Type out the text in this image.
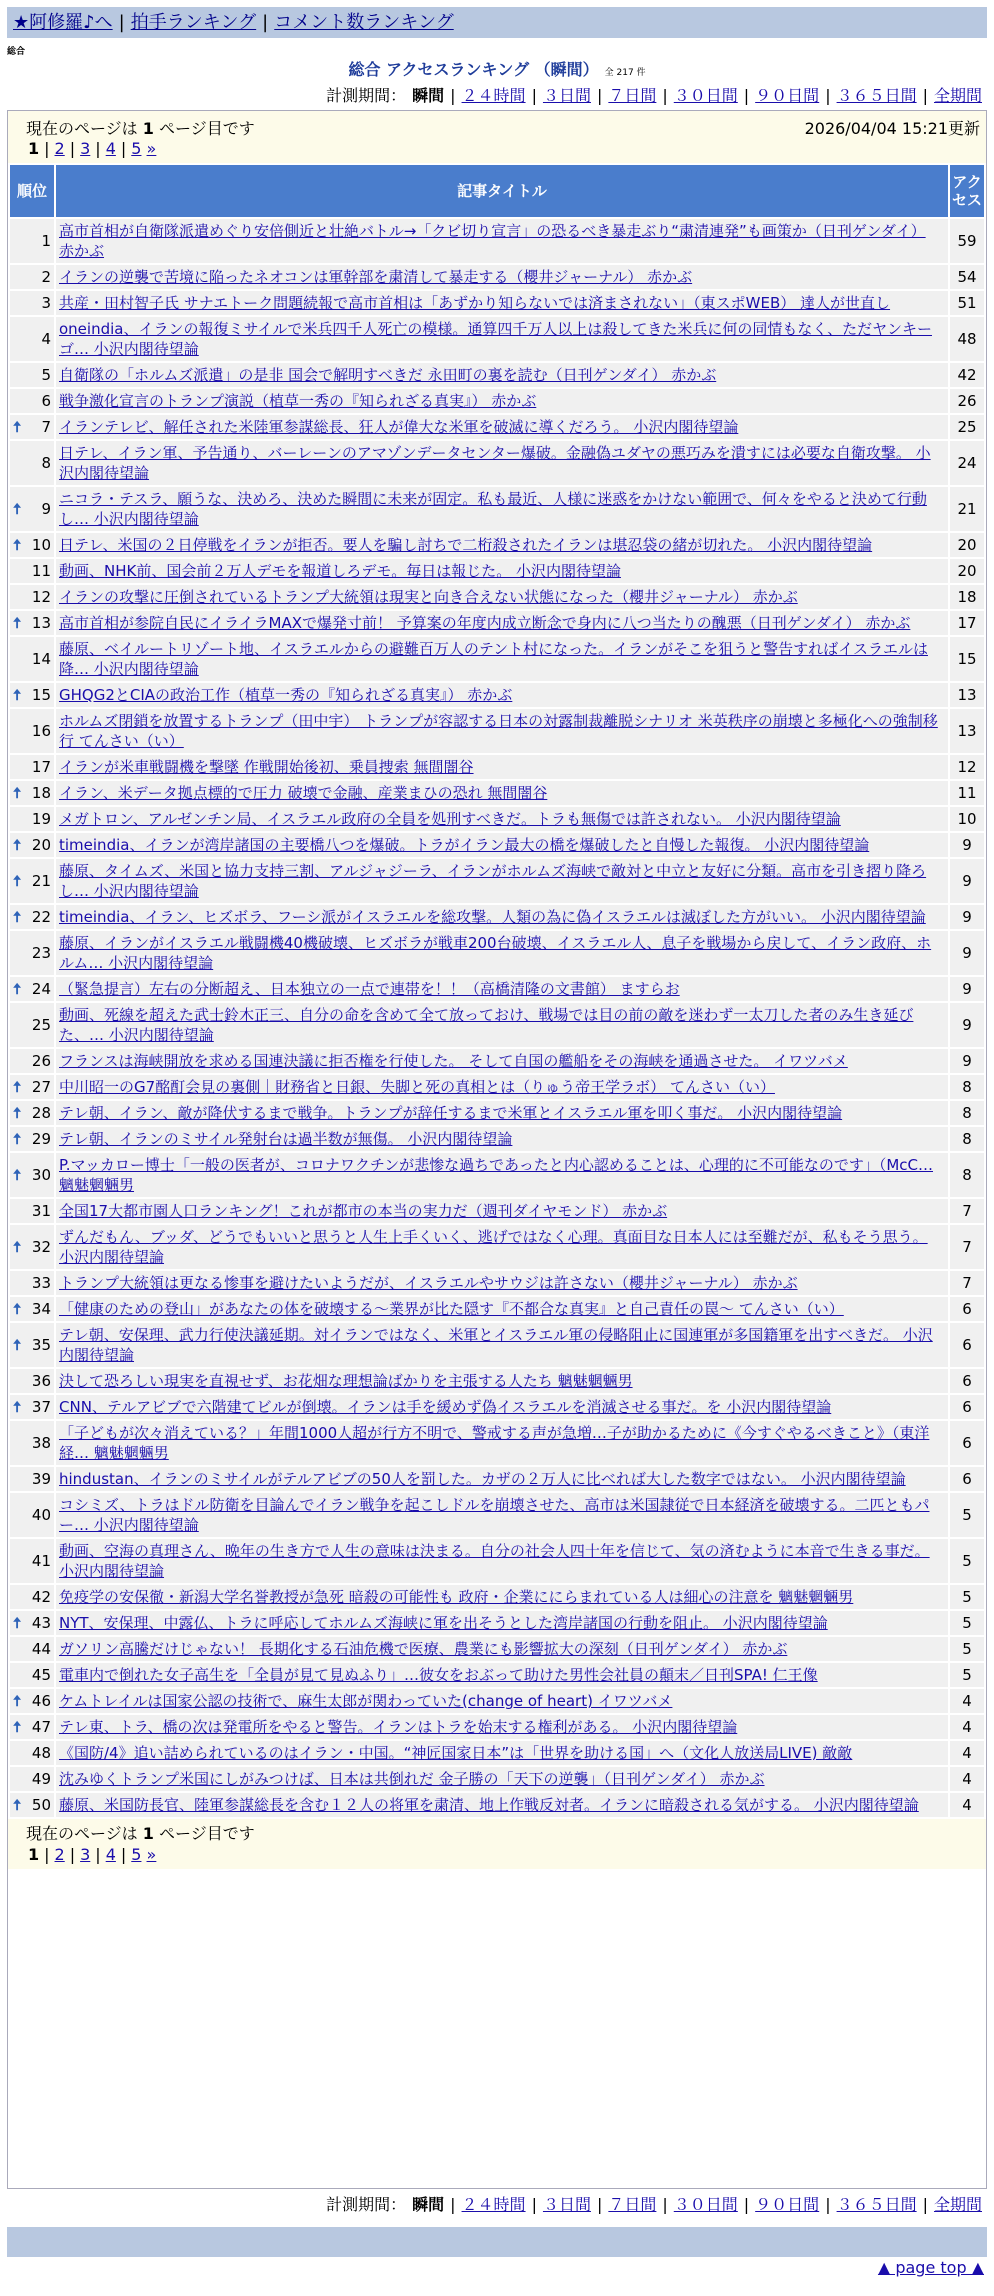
★阿修羅♪へ | 拍手ランキング | コメント数ランキング
総合
総合 アクセスランキング （瞬間） 全 217 件
計測期間： 瞬間 | ２４時間 | ３日間 | ７日間 | ３０日間 | ９０日間 | ３６５日間 | 全期間
現在のページは 1 ページ目です	2026/04/04 15:21更新
1 | 2 | 3 | 4 | 5 »
順位	記事タイトル	アクセス
1	高市首相が自衛隊派遣めぐり安倍側近と壮絶バトル→「クビ切り宣言」の恐るべき暴走ぶり“粛清連発”も画策か（日刊ゲンダイ） 赤かぶ	59
2	イランの逆襲で苦境に陥ったネオコンは軍幹部を粛清して暴走する（櫻井ジャーナル） 赤かぶ	54
3	共産・田村智子氏 サナエトーク問題続報で高市首相は「あずかり知らないでは済まされない」（東スポWEB） 達人が世直し	51
4	oneindia、イランの報復ミサイルで米兵四千人死亡の模様。通算四千万人以上は殺してきた米兵に何の同情もなく、ただヤンキーゴ… 小沢内閣待望論	48
5	自衛隊の「ホルムズ派遣」の是非 国会で解明すべきだ 永田町の裏を読む（日刊ゲンダイ） 赤かぶ	42
6	戦争激化宣言のトランプ演説（植草一秀の『知られざる真実』） 赤かぶ	26

🠅 7	イランテレビ、解任された米陸軍参謀総長、狂人が偉大な米軍を破滅に導くだろう。 小沢内閣待望論	25
8	日テレ、イラン軍、予告通り、バーレーンのアマゾンデータセンター爆破。金融偽ユダヤの悪巧みを潰すには必要な自衛攻撃。 小沢内閣待望論	24

🠅 9	ニコラ・テスラ、願うな、決めろ、決めた瞬間に未来が固定。私も最近、人様に迷惑をかけない範囲で、何々をやると決めて行動し… 小沢内閣待望論	21

🠅 10	日テレ、米国の２日停戦をイランが拒否。要人を騙し討ちで二桁殺されたイランは堪忍袋の緒が切れた。 小沢内閣待望論	20
11	動画、NHK前、国会前２万人デモを報道しろデモ。毎日は報じた。 小沢内閣待望論	20
12	イランの攻撃に圧倒されているトランプ大統領は現実と向き合えない状態になった（櫻井ジャーナル） 赤かぶ	18

🠅 13	高市首相が参院自民にイライラMAXで爆発寸前！ 予算案の年度内成立断念で身内に八つ当たりの醜悪（日刊ゲンダイ） 赤かぶ	17
14	藤原、ベイルートリゾート地、イスラエルからの避難百万人のテント村になった。イランがそこを狙うと警告すればイスラエルは降… 小沢内閣待望論	15

🠅 15	GHQG2とCIAの政治工作（植草一秀の『知られざる真実』） 赤かぶ	13
16	ホルムズ閉鎖を放置するトランプ（田中宇） トランプが容認する日本の対露制裁離脱シナリオ 米英秩序の崩壊と多極化への強制移行 てんさい（い）	13
17	イランが米車戦闘機を撃墜 作戦開始後初、乗員捜索 無間闇谷	12

🠅 18	イラン、米データ拠点標的で圧力 破壊で金融、産業まひの恐れ 無間闇谷	11
19	メガトロン、アルゼンチン局、イスラエル政府の全員を処刑すべきだ。トラも無傷では許されない。 小沢内閣待望論	10

🠅 20	timeindia、イランが湾岸諸国の主要橋八つを爆破。トラがイラン最大の橋を爆破したと自慢した報復。 小沢内閣待望論	9

🠅 21	藤原、タイムズ、米国と協力支持三割、アルジャジーラ、イランがホルムズ海峡で敵対と中立と友好に分類。高市を引き摺り降ろし… 小沢内閣待望論	9

🠅 22	timeindia、イラン、ヒズボラ、フーシ派がイスラエルを総攻撃。人類の為に偽イスラエルは滅ぼした方がいい。 小沢内閣待望論	9
23	藤原、イランがイスラエル戦闘機40機破壊、ヒズボラが戦車200台破壊、イスラエル人、息子を戦場から戻して、イラン政府、ホルム… 小沢内閣待望論	9

🠅 24	（緊急提言）左右の分断超え、日本独立の一点で連帯を！！（高橋清隆の文書館） ますらお	9
25	動画、死線を超えた武士鈴木正三、自分の命を含めて全て放っておけ、戦場では目の前の敵を迷わず一太刀した者のみ生き延びた、… 小沢内閣待望論	9
26	フランスは海峡開放を求める国連決議に拒否権を行使した。 そして自国の艦船をその海峡を通過させた。 イワツバメ	9

🠅 27	中川昭一のG7酩酊会見の裏側｜財務省と日銀、失脚と死の真相とは（りゅう帝王学ラボ） てんさい（い）	8

🠅 28	テレ朝、イラン、敵が降伏するまで戦争。トランプが辞任するまで米軍とイスラエル軍を叩く事だ。 小沢内閣待望論	8

🠅 29	テレ朝、イランのミサイル発射台は過半数が無傷。 小沢内閣待望論	8

🠅 30	P.マッカロー博士「一般の医者が、コロナワクチンが悲惨な過ちであったと内心認めることは、心理的に不可能なのです」（McC… 魑魅魍魎男	8
31	全国17大都市園人口ランキング！これが都市の本当の実力だ（週刊ダイヤモンド） 赤かぶ	7

🠅 32	ずんだもん、ブッダ、どうでもいいと思うと人生上手くいく、逃げではなく心理。真面目な日本人には至難だが、私もそう思う。 小沢内閣待望論	7
33	トランプ大統領は更なる惨事を避けたいようだが、イスラエルやサウジは許さない（櫻井ジャーナル） 赤かぶ	7

🠅 34	「健康のための登山」があなたの体を破壊する～業界が比た隠す『不都合な真実』と自己責任の罠～ てんさい（い）	6

🠅 35	テレ朝、安保理、武力行使決議延期。対イランではなく、米軍とイスラエル軍の侵略阻止に国連軍が多国籍軍を出すべきだ。 小沢内閣待望論	6
36	決して恐ろしい現実を直視せず、お花畑な理想論ばかりを主張する人たち 魑魅魍魎男	6

🠅 37	CNN、テルアビブで六階建てビルが倒壊。イランは手を緩めず偽イスラエルを消滅させる事だ。を 小沢内閣待望論	6
38	「子どもが次々消えている？」年間1000人超が行方不明で、警戒する声が急増…子が助かるために《今すぐやるべきこと》（東洋経… 魑魅魍魎男	6
39	hindustan、イランのミサイルがテルアビブの50人を罰した。カザの２万人に比べれば大した数字ではない。 小沢内閣待望論	6
40	コシミズ、トラはドル防衛を目論んでイラン戦争を起こしドルを崩壊させた、高市は米国隷従で日本経済を破壊する。二匹ともパー… 小沢内閣待望論	5
41	動画、空海の真理さん、晩年の生き方で人生の意味は決まる。自分の社会人四十年を信じて、気の済むように本音で生きる事だ。 小沢内閣待望論	5
42	免疫学の安保徹・新潟大学名誉教授が急死 暗殺の可能性も 政府・企業ににらまれている人は細心の注意を 魑魅魍魎男	5

🠅 43	NYT、安保理、中露仏、トラに呼応してホルムズ海峡に軍を出そうとした湾岸諸国の行動を阻止。 小沢内閣待望論	5
44	ガソリン高騰だけじゃない！ 長期化する石油危機で医療、農業にも影響拡大の深刻（日刊ゲンダイ） 赤かぶ	5
45	電車内で倒れた女子高生を「全員が見て見ぬふり」…彼女をおぶって助けた男性会社員の顛末／日刊SPA! 仁王像	5

🠅 46	ケムトレイルは国家公認の技術で、麻生太郎が関わっていた(change of heart) イワツバメ	4

🠅 47	テレ東、トラ、橋の次は発電所をやると警告。イランはトラを始末する権利がある。 小沢内閣待望論	4
48	《国防/4》追い詰められているのはイラン・中国。“神匠国家日本”は「世界を助ける国」へ（文化人放送局LIVE) 敵敵	4
49	沈みゆくトランプ米国にしがみつけば、日本は共倒れだ 金子勝の「天下の逆襲」（日刊ゲンダイ） 赤かぶ	4

🠅 50	藤原、米国防長官、陸軍参謀総長を含む１２人の将軍を粛清、地上作戦反対者。イランに暗殺される気がする。 小沢内閣待望論	4
現在のページは 1 ページ目です
1 | 2 | 3 | 4 | 5 »
計測期間： 瞬間 | ２４時間 | ３日間 | ７日間 | ３０日間 | ９０日間 | ３６５日間 | 全期間
▲ page top ▲
